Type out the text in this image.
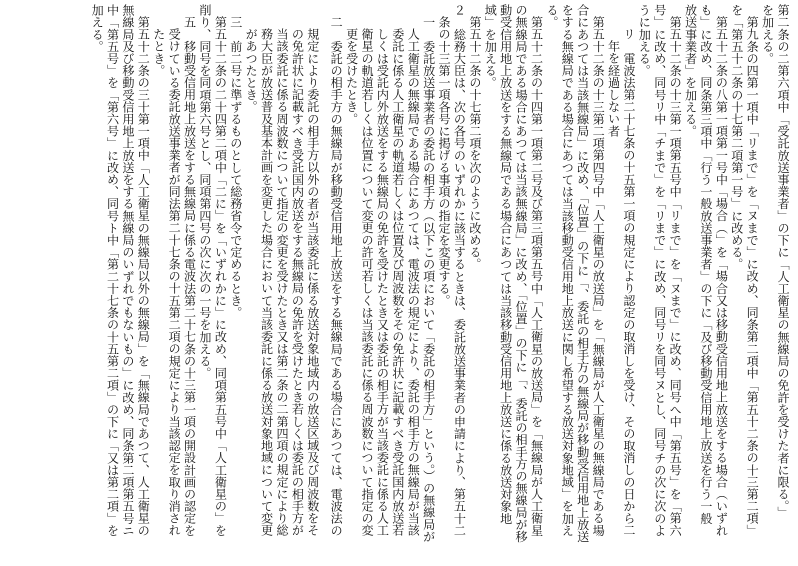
第二条の二第六項中「受託放送事業者」の下に「人工衛星の無線局の免許を受けた者に限る。」
を加える。
第九条の四第一項中「リまで」を「ヌまで」に改め、同条第二項中「第五十二条の十三第二項」
を「第五十二条の十七第二項第一号」に改める。
第五十二条の八第一項第一号中「場合（」を「場合又は移動受信用地上放送をする場合（いずれ
も」に改め、同条第三項中「行う一般放送事業者」の下に「及び移動受信用地上放送を行う一般
放送事業者」を加える。
第五十二条の十三第一項第五号中「リまで」を「ヌまで」に改め、同号へ中「第五号」を「第六
号」に改め、同号リ中「チまで」を「リまで」に改め、同号リを同号ヌとし、同号チの次に次のよ
うに加える。
リ　電波法第二十七条の十五第一項の規定により認定の取消しを受け、その取消しの日から二
年を経過しない者
第五十二条の十三第二項第四号中「人工衛星の放送局」を「無線局が人工衛星の無線局である場
合にあつては当該無線局」に改め、「位置」の下に「、委託の相手方の無線局が移動受信用地上放送
をする無線局である場合にあつては当該移動受信用地上放送に関し希望する放送対象地域」を加え
る。
第五十二条の十四第一項第二号及び第三項第五号中「人工衛星の放送局」を「無線局が人工衛星
の無線局である場合にあつては当該無線局」に改め、「位置」の下に「、委託の相手方の無線局が移
動受信用地上放送をする無線局である場合にあつては当該移動受信用地上放送に係る放送対象地
域」を加える。
第五十二条の十七第二項を次のように改める。
２　総務大臣は、次の各号のいずれかに該当するときは、委託放送事業者の申請により、第五十二
条の十三第一項各号に掲げる事項の指定を変更する。
一　委託放送事業者の委託の相手方（以下この項において「委託の相手方」という。）の無線局が
人工衛星の無線局である場合にあつては、電波法の規定により、委託の相手方の無線局が当該
委託に係る人工衛星の軌道若しくは位置及び周波数をその免許状に記載すべき受託国内放送若
しくは受託内外放送をする無線局の免許を受けたとき又は委託の相手方が当該委託に係る人工
衛星の軌道若しくは位置について変更の許可若しくは当該委託に係る周波数について指定の変
更を受けたとき。
二　委託の相手方の無線局が移動受信用地上放送をする無線局である場合にあつては、電波法の
規定により委託の相手方以外の者が当該委託に係る放送対象地域内の放送区域及び周波数をそ
の免許状に記載すべき受託国内放送をする無線局の免許を受けたとき若しくは委託の相手方が
当該委託に係る周波数について指定の変更を受けたとき又は第二条の二第四項の規定により総
務大臣が放送普及基本計画を変更した場合において当該委託に係る放送対象地域について変更
があつたとき。
三　前二号に準ずるものとして総務省令で定めるとき。
第五十二条の二十四第二項中「二に」を「いずれかに」に改め、同項第五号中「人工衛星の」を
削り、同号を同項第六号とし、同項第四号の次に次の一号を加える。
五　移動受信用地上放送をする無線局に係る電波法第二十七条の十三第一項の開設計画の認定を
受けている委託放送事業者が同法第二十七条の十五第二項の規定により当該認定を取り消され
たとき。
第五十二条の三十第一項中「人工衛星の無線局以外の無線局」を「無線局であつて、人工衛星の
無線局及び移動受信用地上放送をする無線局のいずれでもないもの」に改め、同条第二項第五号ニ
中「第五号」を「第六号」に改め、同号ト中「第二十七条の十五第二項」の下に「又は第二項」を
加える。
